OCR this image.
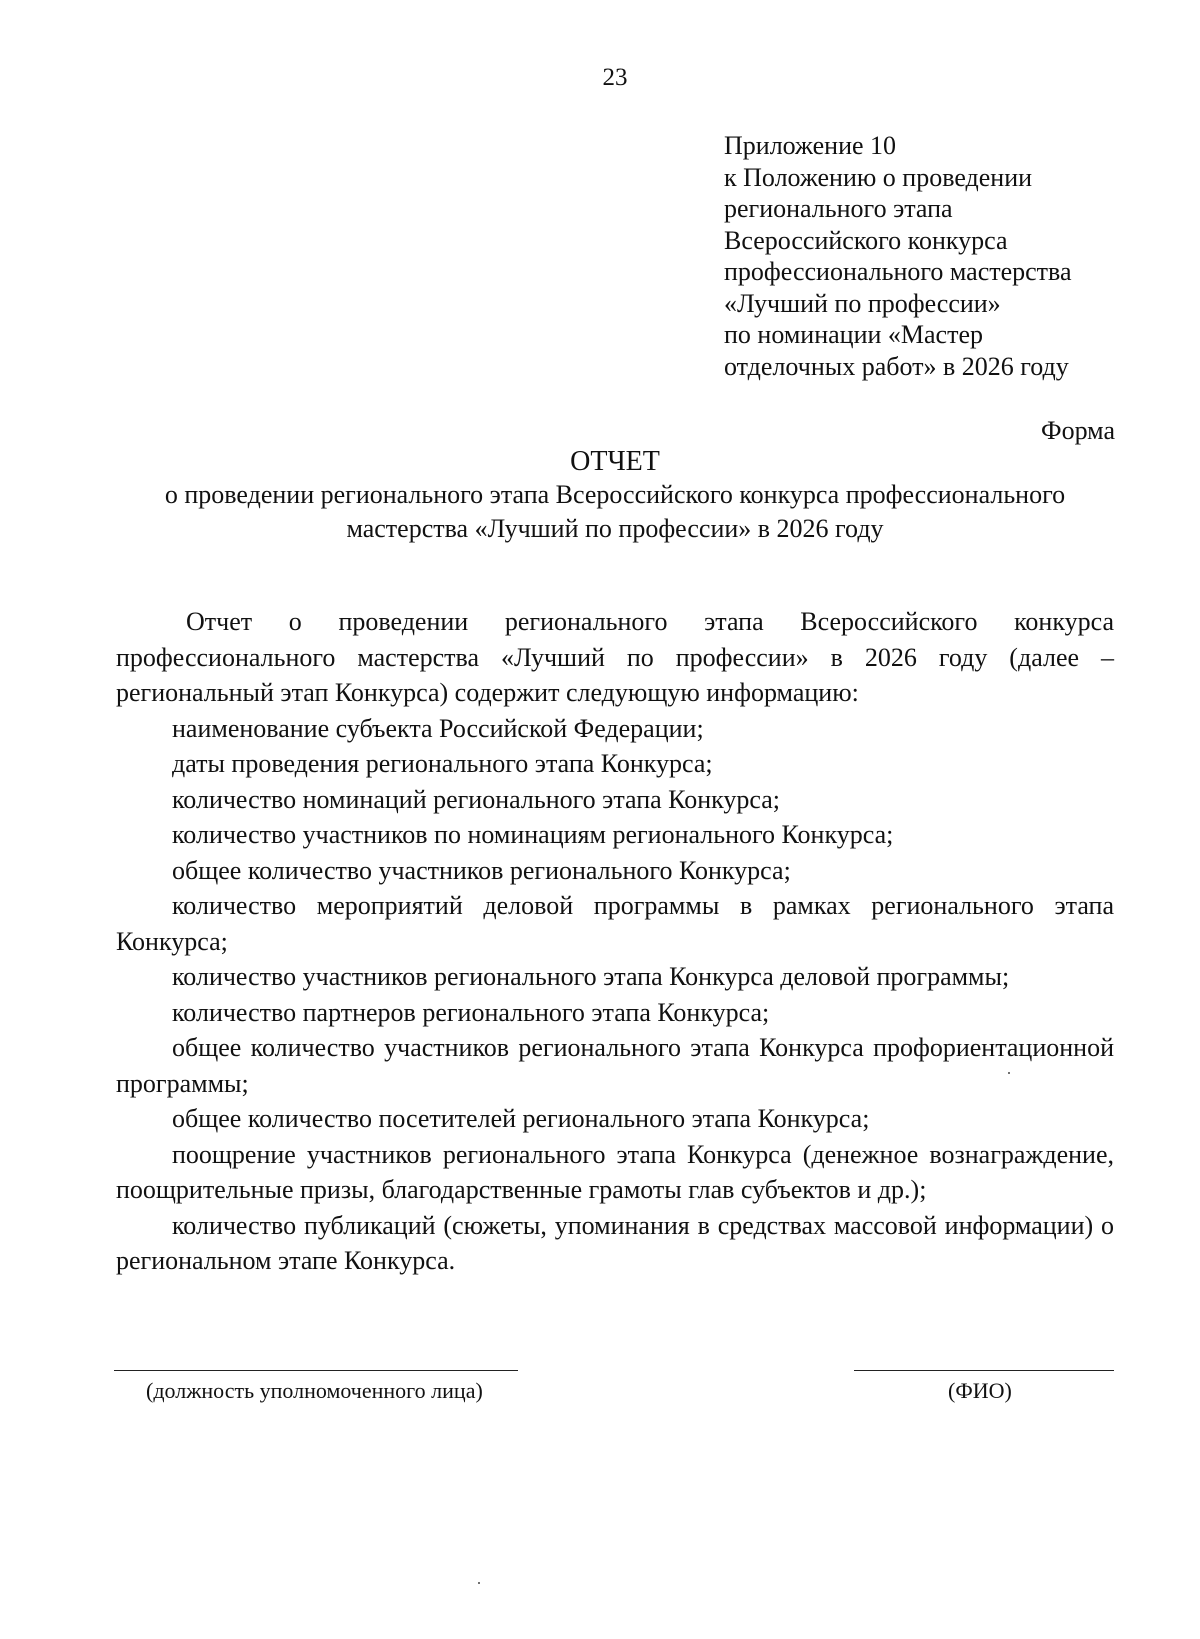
23
Приложение 10
к Положению о проведении
регионального этапа
Всероссийского конкурса
профессионального мастерства
«Лучший по профессии»
по номинации «Мастер
отделочных работ» в 2026 году
Форма
ОТЧЕТ
о проведении регионального этапа Всероссийского конкурса профессионального
мастерства «Лучший по профессии» в 2026 году

Отчет о проведении регионального этапа Всероссийского конкурса профессионального мастерства «Лучший по профессии» в 2026 году (далее – региональный этап Конкурса) содержит следующую информацию:

наименование субъекта Российской Федерации;

даты проведения регионального этапа Конкурса;

количество номинаций регионального этапа Конкурса;

количество участников по номинациям регионального Конкурса;

общее количество участников регионального Конкурса;

количество мероприятий деловой программы в рамках регионального этапа Конкурса;

количество участников регионального этапа Конкурса деловой программы;

количество партнеров регионального этапа Конкурса;

общее количество участников регионального этапа Конкурса профориентационной программы;

общее количество посетителей регионального этапа Конкурса;

поощрение участников регионального этапа Конкурса (денежное вознаграждение, поощрительные призы, благодарственные грамоты глав субъектов и др.);

количество публикаций (сюжеты, упоминания в средствах массовой информации) о региональном этапе Конкурса.

(должность уполномоченного лица)	(ФИО)
